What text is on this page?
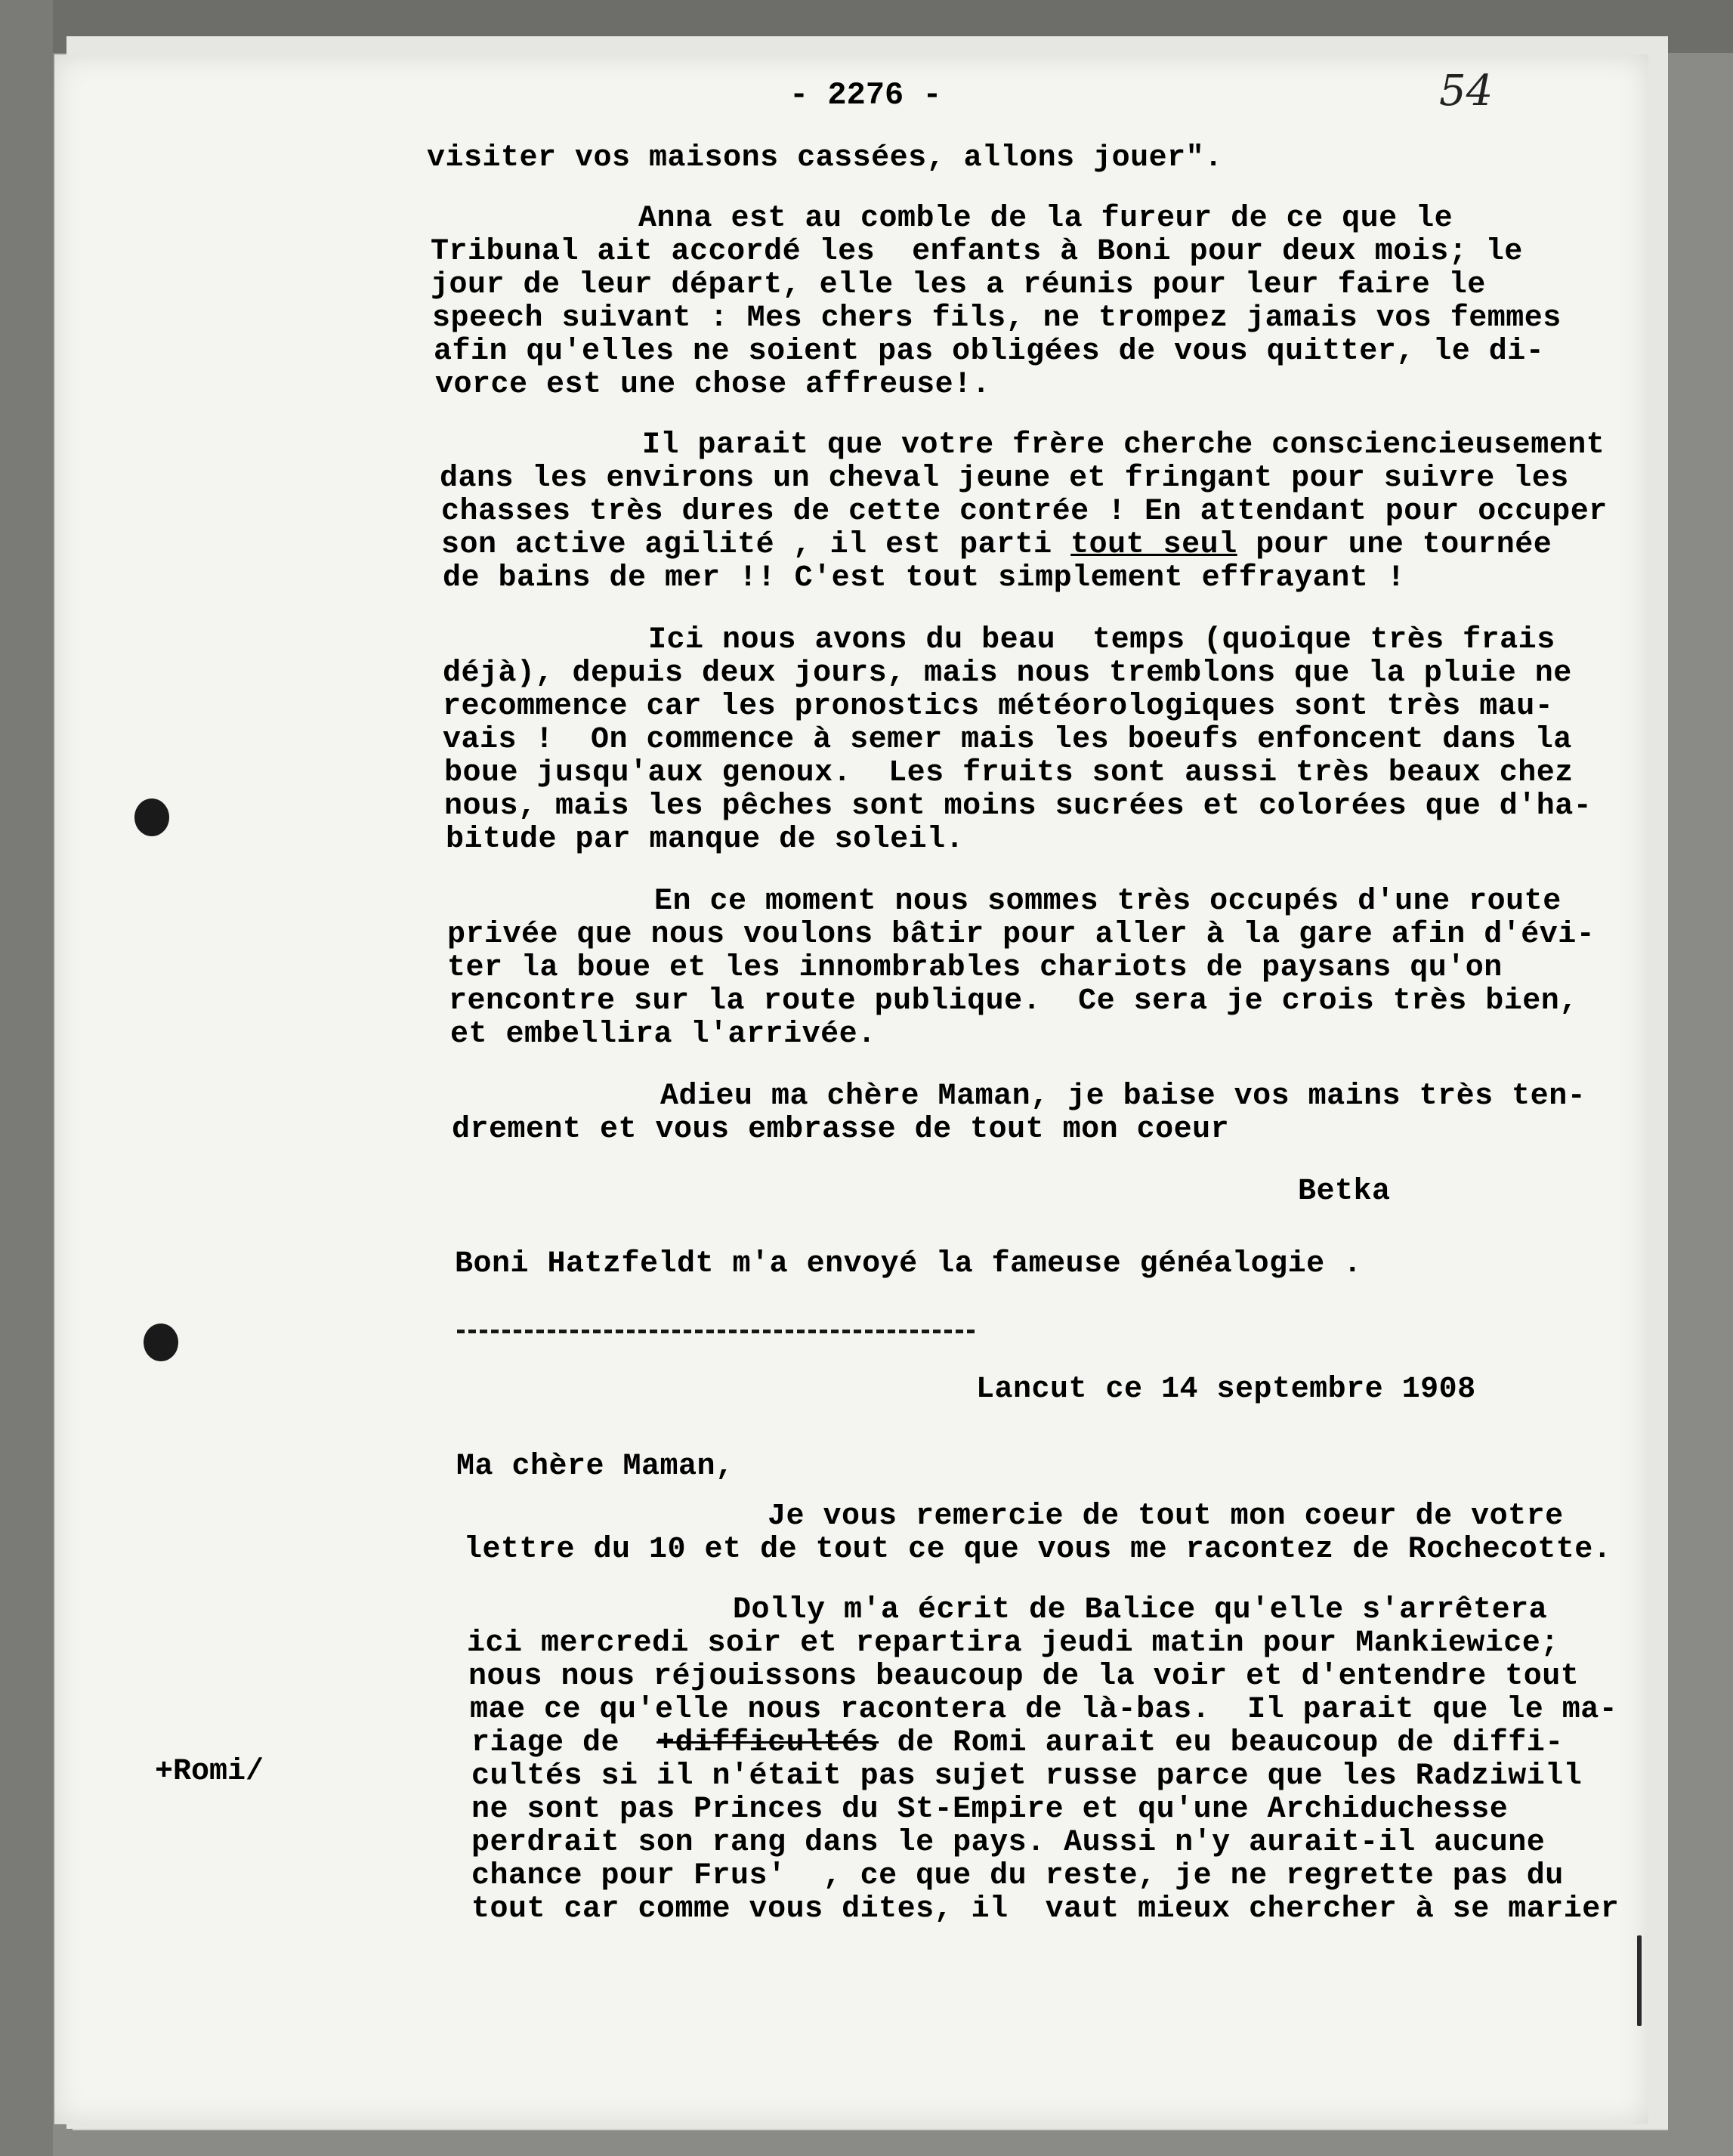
- 2276 -	54
visiter vos maisons cassées, allons jouer".
Anna est au comble de la fureur de ce que le
Tribunal ait accordé les  enfants à Boni pour deux mois; le
jour de leur départ, elle les a réunis pour leur faire le
speech suivant : Mes chers fils, ne trompez jamais vos femmes
afin qu'elles ne soient pas obligées de vous quitter, le di-
vorce est une chose affreuse!.
Il parait que votre frère cherche consciencieusement
dans les environs un cheval jeune et fringant pour suivre les
chasses très dures de cette contrée ! En attendant pour occuper
son active agilité , il est parti tout seul pour une tournée
de bains de mer !! C'est tout simplement effrayant !
Ici nous avons du beau  temps (quoique très frais
déjà), depuis deux jours, mais nous tremblons que la pluie ne
recommence car les pronostics météorologiques sont très mau-
vais !  On commence à semer mais les boeufs enfoncent dans la
boue jusqu'aux genoux.  Les fruits sont aussi très beaux chez
nous, mais les pêches sont moins sucrées et colorées que d'ha-
bitude par manque de soleil.
En ce moment nous sommes très occupés d'une route
privée que nous voulons bâtir pour aller à la gare afin d'évi-
ter la boue et les innombrables chariots de paysans qu'on
rencontre sur la route publique.  Ce sera je crois très bien,
et embellira l'arrivée.
Adieu ma chère Maman, je baise vos mains très ten-
drement et vous embrasse de tout mon coeur
Betka
Boni Hatzfeldt m'a envoyé la fameuse généalogie .
Lancut ce 14 septembre 1908
Ma chère Maman,
Je vous remercie de tout mon coeur de votre
lettre du 10 et de tout ce que vous me racontez de Rochecotte.
Dolly m'a écrit de Balice qu'elle s'arrêtera
ici mercredi soir et repartira jeudi matin pour Mankiewice;
nous nous réjouissons beaucoup de la voir et d'entendre tout
mae ce qu'elle nous racontera de là-bas.  Il parait que le ma-
riage de +difficultés de Romi aurait eu beaucoup de diffi-
cultés si il n'était pas sujet russe parce que les Radziwill
ne sont pas Princes du St-Empire et qu'une Archiduchesse
perdrait son rang dans le pays. Aussi n'y aurait-il aucune
chance pour Frus'  , ce que du reste, je ne regrette pas du
tout car comme vous dites, il  vaut mieux chercher à se marier
+Romi/
